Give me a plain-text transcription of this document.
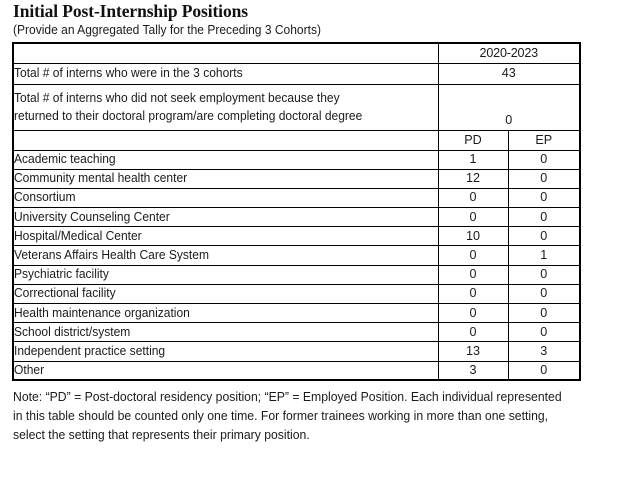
Initial Post-Internship Positions
(Provide an Aggregated Tally for the Preceding 3 Cohorts)
	2020-2023	
Total # of interns who were in the 3 cohorts	43	
Total # of interns who did not seek employment because they
returned to their doctoral program/are completing doctoral degree	0	
	PD	EP
Academic teaching	1	0
Community mental health center	12	0
Consortium	0	0
University Counseling Center	0	0
Hospital/Medical Center	10	0
Veterans Affairs Health Care System	0	1
Psychiatric facility	0	0
Correctional facility	0	0
Health maintenance organization	0	0
School district/system	0	0
Independent practice setting	13	3
Other	3	0
Note: “PD” = Post-doctoral residency position; “EP” = Employed Position. Each individual represented in this table should be counted only one time. For former trainees working in more than one setting, select the setting that represents their primary position.
